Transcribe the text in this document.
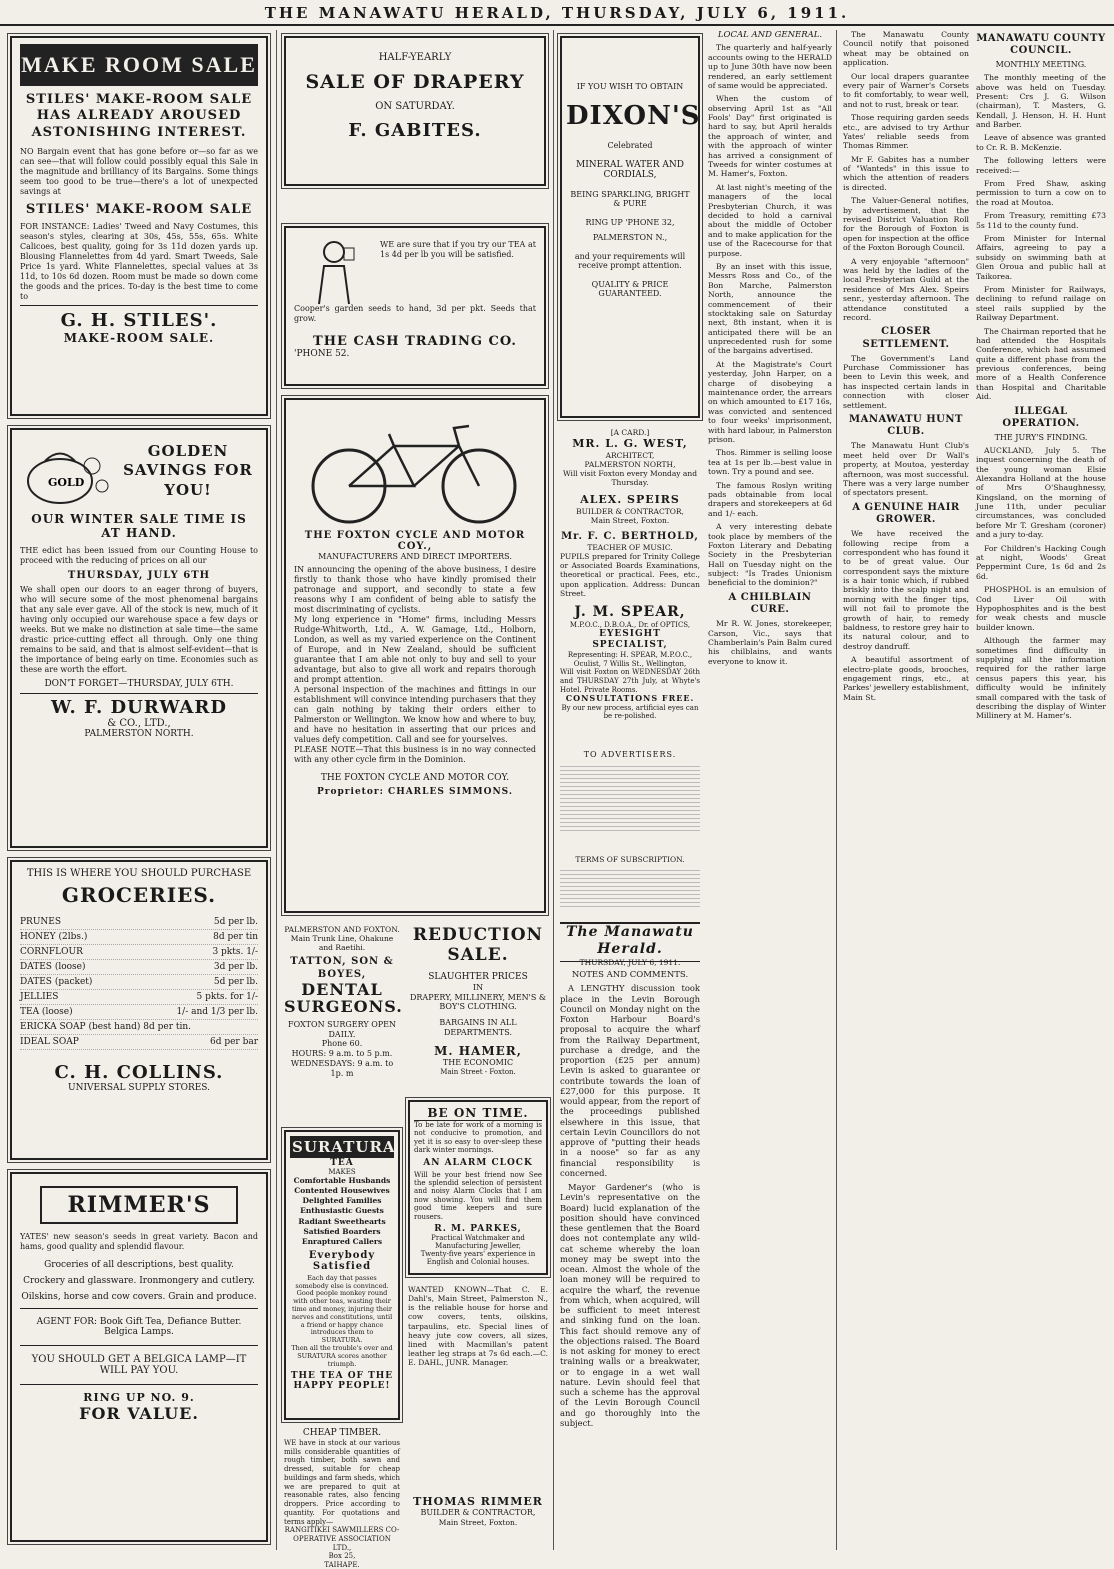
THE MANAWATU HERALD, THURSDAY, JULY 6, 1911.
MAKE ROOM SALE
STILES' MAKE-ROOM SALE HAS ALREADY AROUSED ASTONISHING INTEREST.
NO Bargain event that has gone before or—so far as we can see—that will follow could possibly equal this Sale in the magnitude and brilliancy of its Bargains. Some things seem too good to be true—there's a lot of unexpected savings at
STILES' MAKE-ROOM SALE
FOR INSTANCE: Ladies' Tweed and Navy Costumes, this season's styles, clearing at 30s, 45s, 55s, 65s. White Calicoes, best quality, going for 3s 11d dozen yards up. Blousing Flannelettes from 4d yard. Smart Tweeds, Sale Price 1s yard. White Flannelettes, special values at 3s 11d, to 10s 6d dozen. Room must be made so down come the goods and the prices. To-day is the best time to come to
G. H. STILES'.
MAKE-ROOM SALE.
GOLD
GOLDEN SAVINGS FOR YOU!
OUR WINTER SALE TIME IS AT HAND.
THE edict has been issued from our Counting House to proceed with the reducing of prices on all our
THURSDAY, JULY 6TH
We shall open our doors to an eager throng of buyers, who will secure some of the most phenomenal bargains that any sale ever gave. All of the stock is new, much of it having only occupied our warehouse space a few days or weeks. But we make no distinction at sale time—the same drastic price-cutting effect all through. Only one thing remains to be said, and that is almost self-evident—that is the importance of being early on time. Economies such as these are worth the effort.
DON'T FORGET—THURSDAY, JULY 6TH.
W. F. DURWARD
& CO., LTD.,
PALMERSTON NORTH.
THIS IS WHERE YOU SHOULD PURCHASE
GROCERIES.
PRUNES	5d per lb.
HONEY (2lbs.)	8d per tin
CORNFLOUR	3 pkts. 1/-
DATES (loose)	3d per lb.
DATES (packet)	5d per lb.
JELLIES	5 pkts. for 1/-
TEA (loose)	1/- and 1/3 per lb.
ERICKA SOAP (best hand) 8d per tin.
IDEAL SOAP	6d per bar
C. H. COLLINS.
UNIVERSAL SUPPLY STORES.
RIMMER'S
YATES' new season's seeds in great variety. Bacon and hams, good quality and splendid flavour.
Groceries of all descriptions, best quality.
Crockery and glassware. Ironmongery and cutlery.
Oilskins, horse and cow covers. Grain and produce.
AGENT FOR: Book Gift Tea, Defiance Butter. Belgica Lamps.
YOU SHOULD GET A BELGICA LAMP—IT WILL PAY YOU.
RING UP NO. 9.
FOR VALUE.
HALF-YEARLY
SALE OF DRAPERY
ON SATURDAY.
F. GABITES.
WE are sure that if you try our TEA at 1s 4d per lb you will be satisfied.
Cooper's garden seeds to hand, 3d per pkt. Seeds that grow.
THE CASH TRADING CO.
'PHONE 52.
THE FOXTON CYCLE AND MOTOR COY.,
MANUFACTURERS AND DIRECT IMPORTERS.
IN announcing the opening of the above business, I desire firstly to thank those who have kindly promised their patronage and support, and secondly to state a few reasons why I am confident of being able to satisfy the most discriminating of cyclists.
My long experience in "Home" firms, including Messrs Rudge-Whitworth, Ltd., A. W. Gamage, Ltd., Holborn, London, as well as my varied experience on the Continent of Europe, and in New Zealand, should be sufficient guarantee that I am able not only to buy and sell to your advantage, but also to give all work and repairs thorough and prompt attention.
A personal inspection of the machines and fittings in our establishment will convince intending purchasers that they can gain nothing by taking their orders either to Palmerston or Wellington. We know how and where to buy, and have no hesitation in asserting that our prices and values defy competition. Call and see for yourselves.
PLEASE NOTE—That this business is in no way connected with any other cycle firm in the Dominion.
THE FOXTON CYCLE AND MOTOR COY.
Proprietor: CHARLES SIMMONS.
PALMERSTON AND FOXTON.
Main Trunk Line, Ohakune and Raetihi.
TATTON, SON & BOYES,
DENTAL SURGEONS.
FOXTON SURGERY OPEN DAILY.
Phone 60.
HOURS: 9 a.m. to 5 p.m.
WEDNESDAYS: 9 a.m. to 1p. m
SURATURA
TEA
MAKES
Comfortable Husbands
Contented Housewives
Delighted Families
Enthusiastic Guests
Radiant Sweethearts
Satisfied Boarders
Enraptured Callers
Everybody Satisfied
Each day that passes somebody else is convinced.
Good people monkey round with other teas, wasting their time and money, injuring their nerves and constitutions, until a friend or happy chance introduces them to SURATURA.
Then all the trouble's over and SURATURA scores another triumph.
THE TEA OF THE HAPPY PEOPLE!
CHEAP TIMBER.
WE have in stock at our various mills considerable quantities of rough timber, both sawn and dressed, suitable for cheap buildings and farm sheds, which we are prepared to quit at reasonable rates, also fencing droppers. Price according to quantity. For quotations and terms apply—
RANGITIKEI SAWMILLERS CO-OPERATIVE ASSOCIATION LTD.,
Box 25,
TAIHAPE.
REDUCTION SALE.
SLAUGHTER PRICES
IN
DRAPERY, MILLINERY, MEN'S & BOY'S CLOTHING.
BARGAINS IN ALL DEPARTMENTS.
M. HAMER,
THE ECONOMIC
Main Street - Foxton.
BE ON TIME.
To be late for work of a morning is not conducive to promotion, and yet it is so easy to over-sleep these dark winter mornings.
AN ALARM CLOCK
Will be your best friend now See the splendid selection of persistent and noisy Alarm Clocks that I am now showing. You will find them good time keepers and sure rousers.
R. M. PARKES,
Practical Watchmaker and Manufacturing Jeweller,
Twenty-five years' experience in English and Colonial houses.
WANTED KNOWN—That C. E. Dahl's, Main Street, Palmerston N., is the reliable house for horse and cow covers, tents, oilskins, tarpaulins, etc. Special lines of heavy jute cow covers, all sizes, lined with Macmillan's patent leather leg straps at 7s 6d each.—C. E. DAHL, JUNR. Manager.
THOMAS RIMMER
BUILDER & CONTRACTOR,
Main Street, Foxton.
IF YOU WISH TO OBTAIN
DIXON'S
Celebrated
MINERAL WATER AND CORDIALS,
BEING SPARKLING, BRIGHT & PURE
RING UP 'PHONE 32,
PALMERSTON N.,
and your requirements will receive prompt attention.
QUALITY & PRICE GUARANTEED.
[A CARD.]
MR. L. G. WEST,
ARCHITECT,
PALMERSTON NORTH,
Will visit Foxton every Monday and Thursday.
ALEX. SPEIRS
BUILDER & CONTRACTOR,
Main Street, Foxton.
Mr. F. C. BERTHOLD,
TEACHER OF MUSIC.
PUPILS prepared for Trinity College or Associated Boards Examinations, theoretical or practical. Fees, etc., upon application. Address: Duncan Street.
J. M. SPEAR,
M.P.O.C., D.B.O.A., Dr. of OPTICS,
EYESIGHT SPECIALIST,
Representing: H. SPEAR, M.P.O.C., Oculist, 7 Willis St., Wellington,
Will visit Foxton on WEDNESDAY 26th and THURSDAY 27th July, at Whyte's Hotel. Private Rooms.
CONSULTATIONS FREE.
By our new process, artificial eyes can be re-polished.
TO ADVERTISERS.
TERMS OF SUBSCRIPTION.
The Manawatu Herald.
THURSDAY, JULY 6, 1911.
NOTES AND COMMENTS.

A LENGTHY discussion took place in the Levin Borough Council on Monday night on the Foxton Harbour Board's proposal to acquire the wharf from the Railway Department, purchase a dredge, and the proportion (£25 per annum) Levin is asked to guarantee or contribute towards the loan of £27,000 for this purpose. It would appear, from the report of the proceedings published elsewhere in this issue, that certain Levin Councillors do not approve of "putting their heads in a noose" so far as any financial responsibility is concerned.

Mayor Gardener's (who is Levin's representative on the Board) lucid explanation of the position should have convinced these gentlemen that the Board does not contemplate any wild-cat scheme whereby the loan money may be swept into the ocean. Almost the whole of the loan money will be required to acquire the wharf, the revenue from which, when acquired, will be sufficient to meet interest and sinking fund on the loan. This fact should remove any of the objections raised. The Board is not asking for money to erect training walls or a breakwater, or to engage in a wet wall nature. Levin should feel that such a scheme has the approval of the Levin Borough Council and go thoroughly into the subject.

LOCAL AND GENERAL.

The quarterly and half-yearly accounts owing to the HERALD up to June 30th have now been rendered, an early settlement of same would be appreciated.

When the custom of observing April 1st as "All Fools' Day" first originated is hard to say, but April heralds the approach of winter, and with the approach of winter has arrived a consignment of Tweeds for winter costumes at M. Hamer's, Foxton.

At last night's meeting of the managers of the local Presbyterian Church, it was decided to hold a carnival about the middle of October and to make application for the use of the Racecourse for that purpose.

By an inset with this issue, Messrs Ross and Co., of the Bon Marche, Palmerston North, announce the commencement of their stocktaking sale on Saturday next, 8th instant, when it is anticipated there will be an unprecedented rush for some of the bargains advertised.

At the Magistrate's Court yesterday, John Harper, on a charge of disobeying a maintenance order, the arrears on which amounted to £17 16s, was convicted and sentenced to four weeks' imprisonment, with hard labour, in Palmerston prison.

Thos. Rimmer is selling loose tea at 1s per lb.—best value in town. Try a pound and see.

The famous Roslyn writing pads obtainable from local drapers and storekeepers at 6d and 1/- each.

A very interesting debate took place by members of the Foxton Literary and Debating Society in the Presbyterian Hall on Tuesday night on the subject: "Is Trades Unionism beneficial to the dominion?"

A CHILBLAIN CURE.

Mr R. W. Jones, storekeeper, Carson, Vic., says that Chamberlain's Pain Balm cured his chilblains, and wants everyone to know it.

The Manawatu County Council notify that poisoned wheat may be obtained on application.

Our local drapers guarantee every pair of Warner's Corsets to fit comfortably, to wear well, and not to rust, break or tear.

Those requiring garden seeds etc., are advised to try Arthur Yates' reliable seeds from Thomas Rimmer.

Mr F. Gabites has a number of "Wanteds" in this issue to which the attention of readers is directed.

The Valuer-General notifies, by advertisement, that the revised District Valuation Roll for the Borough of Foxton is open for inspection at the office of the Foxton Borough Council.

A very enjoyable "afternoon" was held by the ladies of the local Presbyterian Guild at the residence of Mrs Alex. Speirs senr., yesterday afternoon. The attendance constituted a record.

CLOSER SETTLEMENT.

The Government's Land Purchase Commissioner has been to Levin this week, and has inspected certain lands in connection with closer settlement.

MANAWATU HUNT CLUB.

The Manawatu Hunt Club's meet held over Dr Wall's property, at Moutoa, yesterday afternoon, was most successful. There was a very large number of spectators present.

A GENUINE HAIR GROWER.

We have received the following recipe from a correspondent who has found it to be of great value. Our correspondent says the mixture is a hair tonic which, if rubbed briskly into the scalp night and morning with the finger tips, will not fail to promote the growth of hair, to remedy baldness, to restore grey hair to its natural colour, and to destroy dandruff.

A beautiful assortment of electro-plate goods, brooches, engagement rings, etc., at Parkes' jewellery establishment, Main St.

MANAWATU COUNTY COUNCIL.
MONTHLY MEETING.

The monthly meeting of the above was held on Tuesday. Present: Crs J. G. Wilson (chairman), T. Masters, G. Kendall, J. Henson, H. H. Hunt and Barber.

Leave of absence was granted to Cr. R. B. McKenzie.

The following letters were received:—

From Fred Shaw, asking permission to turn a cow on to the road at Moutoa.

From Treasury, remitting £73 5s 11d to the county fund.

From Minister for Internal Affairs, agreeing to pay a subsidy on swimming bath at Glen Oroua and public hall at Taikorea.

From Minister for Railways, declining to refund railage on steel rails supplied by the Railway Department.

The Chairman reported that he had attended the Hospitals Conference, which had assumed quite a different phase from the previous conferences, being more of a Health Conference than Hospital and Charitable Aid.

ILLEGAL OPERATION.
THE JURY'S FINDING.

AUCKLAND, July 5. The inquest concerning the death of the young woman Elsie Alexandra Holland at the house of Mrs O'Shaughnessy, Kingsland, on the morning of June 11th, under peculiar circumstances, was concluded before Mr T. Gresham (coroner) and a jury to-day.

For Children's Hacking Cough at night, Woods' Great Peppermint Cure, 1s 6d and 2s 6d.

PHOSPHOL is an emulsion of Cod Liver Oil with Hypophosphites and is the best for weak chests and muscle builder known.

Although the farmer may sometimes find difficulty in supplying all the information required for the rather large census papers this year, his difficulty would be infinitely small compared with the task of describing the display of Winter Millinery at M. Hamer's.
